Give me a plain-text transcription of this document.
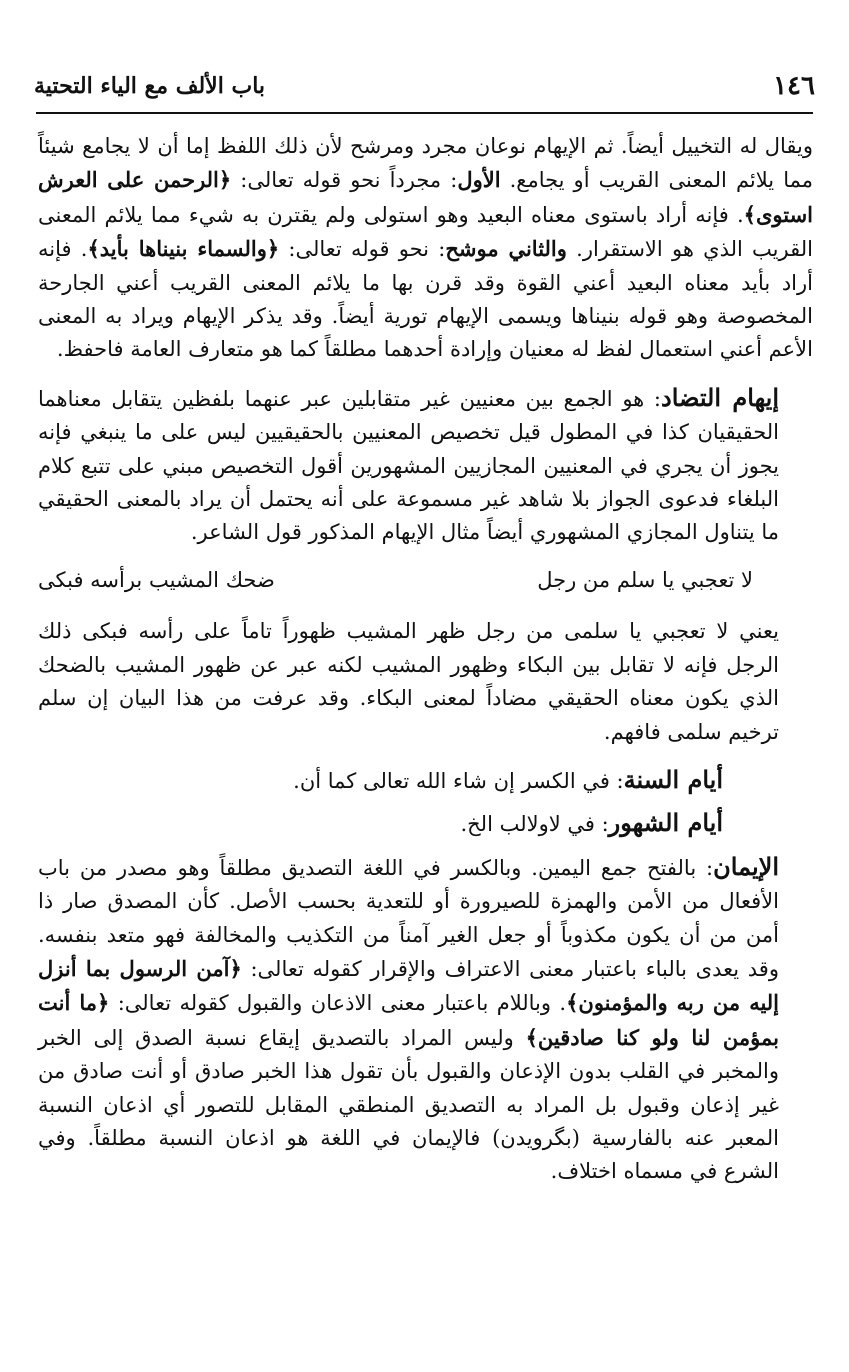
١٤٦
باب الألف مع الياء التحتية
ويقال له التخييل أيضاً. ثم الإيهام نوعان مجرد ومرشح لأن ذلك اللفظ إما أن لا يجامع شيئاً مما يلائم المعنى القريب أو يجامع. الأول: مجرداً نحو قوله تعالى: ﴿الرحمن على العرش استوى﴾. فإنه أراد باستوى معناه البعيد وهو استولى ولم يقترن به شيء مما يلائم المعنى القريب الذي هو الاستقرار. والثاني موشح: نحو قوله تعالى: ﴿والسماء بنيناها بأيد﴾. فإنه أراد بأيد معناه البعيد أعني القوة وقد قرن بها ما يلائم المعنى القريب أعني الجارحة المخصوصة وهو قوله بنيناها ويسمى الإيهام تورية أيضاً. وقد يذكر الإيهام ويراد به المعنى الأعم أعني استعمال لفظ له معنيان وإرادة أحدهما مطلقاً كما هو متعارف العامة فاحفظ.
إيهام التضاد: هو الجمع بين معنيين غير متقابلين عبر عنهما بلفظين يتقابل معناهما الحقيقيان كذا في المطول قيل تخصيص المعنيين بالحقيقيين ليس على ما ينبغي فإنه يجوز أن يجري في المعنيين المجازيين المشهورين أقول التخصيص مبني على تتبع كلام البلغاء فدعوى الجواز بلا شاهد غير مسموعة على أنه يحتمل أن يراد بالمعنى الحقيقي ما يتناول المجازي المشهوري أيضاً مثال الإيهام المذكور قول الشاعر.
لا تعجبي يا سلم من رجل
ضحك المشيب برأسه فبكى
يعني لا تعجبي يا سلمى من رجل ظهر المشيب ظهوراً تاماً على رأسه فبكى ذلك الرجل فإنه لا تقابل بين البكاء وظهور المشيب لكنه عبر عن ظهور المشيب بالضحك الذي يكون معناه الحقيقي مضاداً لمعنى البكاء. وقد عرفت من هذا البيان إن سلم ترخيم سلمى فافهم.
أيام السنة: في الكسر إن شاء الله تعالى كما أن.
أيام الشهور: في لاولالب الخ.
الإيمان: بالفتح جمع اليمين. وبالكسر في اللغة التصديق مطلقاً وهو مصدر من باب الأفعال من الأمن والهمزة للصيرورة أو للتعدية بحسب الأصل. كأن المصدق صار ذا أمن من أن يكون مكذوباً أو جعل الغير آمناً من التكذيب والمخالفة فهو متعد بنفسه. وقد يعدى بالباء باعتبار معنى الاعتراف والإقرار كقوله تعالى: ﴿آمن الرسول بما أنزل إليه من ربه والمؤمنون﴾. وباللام باعتبار معنى الاذعان والقبول كقوله تعالى: ﴿ما أنت بمؤمن لنا ولو كنا صادقين﴾ وليس المراد بالتصديق إيقاع نسبة الصدق إلى الخبر والمخبر في القلب بدون الإذعان والقبول بأن تقول هذا الخبر صادق أو أنت صادق من غير إذعان وقبول بل المراد به التصديق المنطقي المقابل للتصور أي اذعان النسبة المعبر عنه بالفارسية (بگرويدن) فالإيمان في اللغة هو اذعان النسبة مطلقاً. وفي الشرع في مسماه اختلاف.
